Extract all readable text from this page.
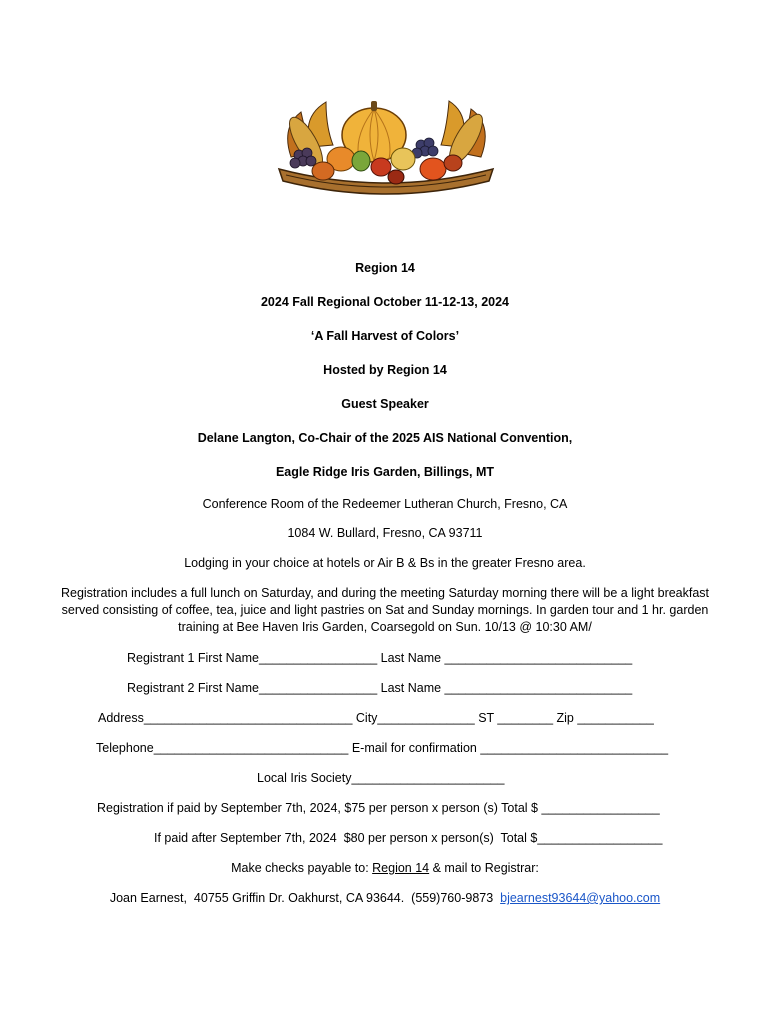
Region 14
2024 Fall Regional October 11-12-13, 2024
‘A Fall Harvest of Colors’
Hosted by Region 14
Guest Speaker
Delane Langton, Co-Chair of the 2025 AIS National Convention,
Eagle Ridge Iris Garden, Billings, MT
Conference Room of the Redeemer Lutheran Church, Fresno, CA
1084 W. Bullard, Fresno, CA 93711
Lodging in your choice at hotels or Air B & Bs in the greater Fresno area.
Registration includes a full lunch on Saturday, and during the meeting Saturday morning there will be a light breakfast served consisting of coffee, tea, juice and light pastries on Sat and Sunday mornings. In garden tour and 1 hr. garden training at Bee Haven Iris Garden, Coarsegold on Sun. 10/13 @ 10:30 AM/
Registrant 1 First Name_________________ Last Name ___________________________
Registrant 2 First Name_________________ Last Name ___________________________
Address______________________________ City______________ ST ________ Zip ___________
Telephone____________________________ E-mail for confirmation ___________________________
Local Iris Society______________________
Registration if paid by September 7th, 2024, $75 per person x person (s) Total $ _________________
If paid after September 7th, 2024  $80 per person x person(s)  Total $__________________
Make checks payable to: Region 14 & mail to Registrar:
Joan Earnest,  40755 Griffin Dr. Oakhurst, CA 93644.  (559)760-9873  bjearnest93644@yahoo.com
